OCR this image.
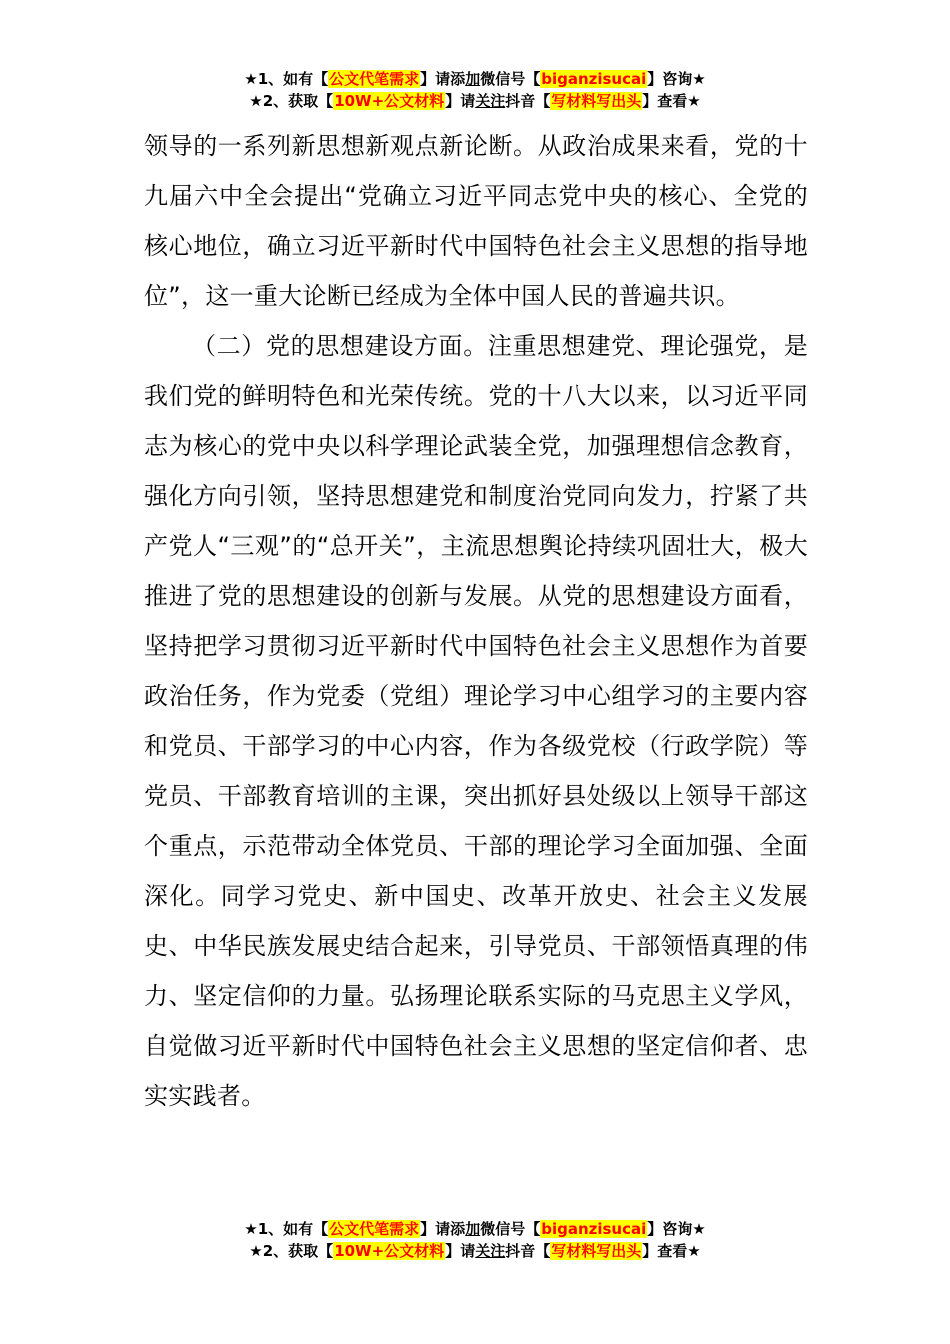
★1、如有【公文代笔需求】请添加微信号【biganzisucai】咨询★
★2、获取【10W+公文材料】请关注抖音【写材料写出头】查看★

领导的一系列新思想新观点新论断。从政治成果来看，党的十九届六中全会提出“党确立习近平同志党中央的核心、全党的核心地位，确立习近平新时代中国特色社会主义思想的指导地位”，这一重大论断已经成为全体中国人民的普遍共识。

（二）党的思想建设方面。注重思想建党、理论强党，是我们党的鲜明特色和光荣传统。党的十八大以来，以习近平同志为核心的党中央以科学理论武装全党，加强理想信念教育，强化方向引领，坚持思想建党和制度治党同向发力，拧紧了共产党人“三观”的“总开关”，主流思想舆论持续巩固壮大，极大推进了党的思想建设的创新与发展。从党的思想建设方面看，坚持把学习贯彻习近平新时代中国特色社会主义思想作为首要政治任务，作为党委（党组）理论学习中心组学习的主要内容和党员、干部学习的中心内容，作为各级党校（行政学院）等党员、干部教育培训的主课，突出抓好县处级以上领导干部这个重点，示范带动全体党员、干部的理论学习全面加强、全面深化。同学习党史、新中国史、改革开放史、社会主义发展史、中华民族发展史结合起来，引导党员、干部领悟真理的伟力、坚定信仰的力量。弘扬理论联系实际的马克思主义学风，自觉做习近平新时代中国特色社会主义思想的坚定信仰者、忠实实践者。

★1、如有【公文代笔需求】请添加微信号【biganzisucai】咨询★
★2、获取【10W+公文材料】请关注抖音【写材料写出头】查看★
